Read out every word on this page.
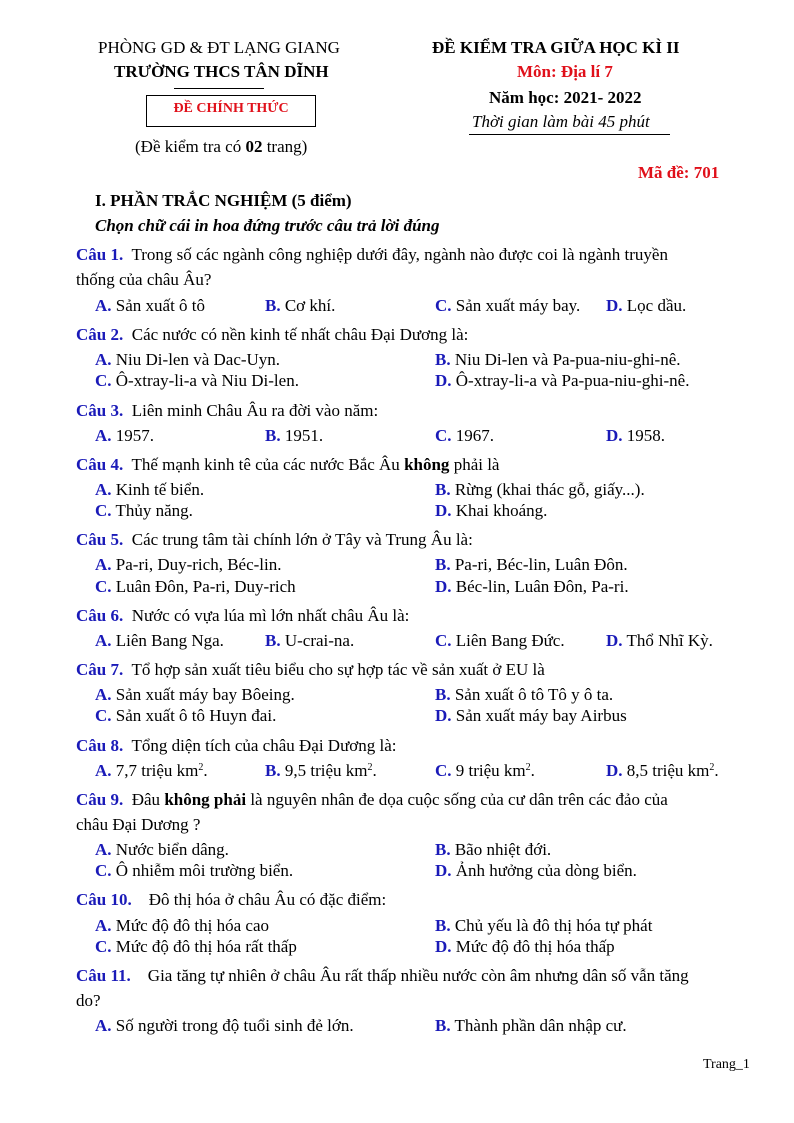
PHÒNG GD & ĐT LẠNG GIANG
TRƯỜNG THCS TÂN DĨNH
ĐỀ CHÍNH THỨC
(Đề kiểm tra có 02 trang)
ĐỀ KIỂM TRA GIỮA HỌC KÌ II
Môn: Địa lí 7
Năm học: 2021- 2022
Thời gian làm bài 45 phút
Mã đề: 701
I. PHẦN TRẮC NGHIỆM (5 điểm)
Chọn chữ cái in hoa đứng trước câu trả lời đúng
Câu 1. Trong số các ngành công nghiệp dưới đây, ngành nào được coi là ngành truyền
thống của châu Âu?
A. Sản xuất ô tô	B. Cơ khí.	C. Sản xuất máy bay. D. Lọc dầu.
Câu 2. Các nước có nền kinh tế nhất châu Đại Dương là:
A. Niu Di-len và Dac-Uyn.	B. Niu Di-len và Pa-pua-niu-ghi-nê.
C. Ô-xtray-li-a và Niu Di-len.	D. Ô-xtray-li-a và Pa-pua-niu-ghi-nê.
Câu 3. Liên minh Châu Âu ra đời vào năm:
A. 1957.	B. 1951.	C. 1967.	D. 1958.
Câu 4. Thế mạnh kinh tê của các nước Bắc Âu không phải là
A. Kinh tế biển.	B. Rừng (khai thác gỗ, giấy...).
C. Thủy năng.	D. Khai khoáng.
Câu 5. Các trung tâm tài chính lớn ở Tây và Trung Âu là:
A. Pa-ri, Duy-rich, Béc-lin.	B. Pa-ri, Béc-lin, Luân Đôn.
C. Luân Đôn, Pa-ri, Duy-rich	D. Béc-lin, Luân Đôn, Pa-ri.
Câu 6. Nước có vựa lúa mì lớn nhất châu Âu là:
A. Liên Bang Nga. B. U-crai-na.	C. Liên Bang Đức. D. Thổ Nhĩ Kỳ.
Câu 7. Tổ hợp sản xuất tiêu biểu cho sự hợp tác về sản xuất ở EU là
A. Sản xuất máy bay Bôeing.	B. Sản xuất ô tô Tô y ô ta.
C. Sản xuất ô tô Huyn đai.	D. Sản xuất máy bay Airbus
Câu 8. Tổng diện tích của châu Đại Dương là:
A. 7,7 triệu $km^2$.	B. 9,5 triệu $km^2$.	C. 9 triệu $km^2$.	D. 8,5 triệu $km^2$.
Câu 9. Đâu không phải là nguyên nhân đe dọa cuộc sống của cư dân trên các đảo của
châu Đại Dương ?
A. Nước biển dâng.	B. Bão nhiệt đới.
C. Ô nhiễm môi trường biển.	D. Ảnh hưởng của dòng biển.
Câu 10. Đô thị hóa ở châu Âu có đặc điểm:
A. Mức độ đô thị hóa cao	B. Chủ yếu là đô thị hóa tự phát
C. Mức độ đô thị hóa rất thấp	D. Mức độ đô thị hóa thấp
Câu 11. Gia tăng tự nhiên ở châu Âu rất thấp nhiều nước còn âm nhưng dân số vẫn tăng
do?
A. Số người trong độ tuổi sinh đẻ lớn.	B. Thành phần dân nhập cư.
Trang_1
